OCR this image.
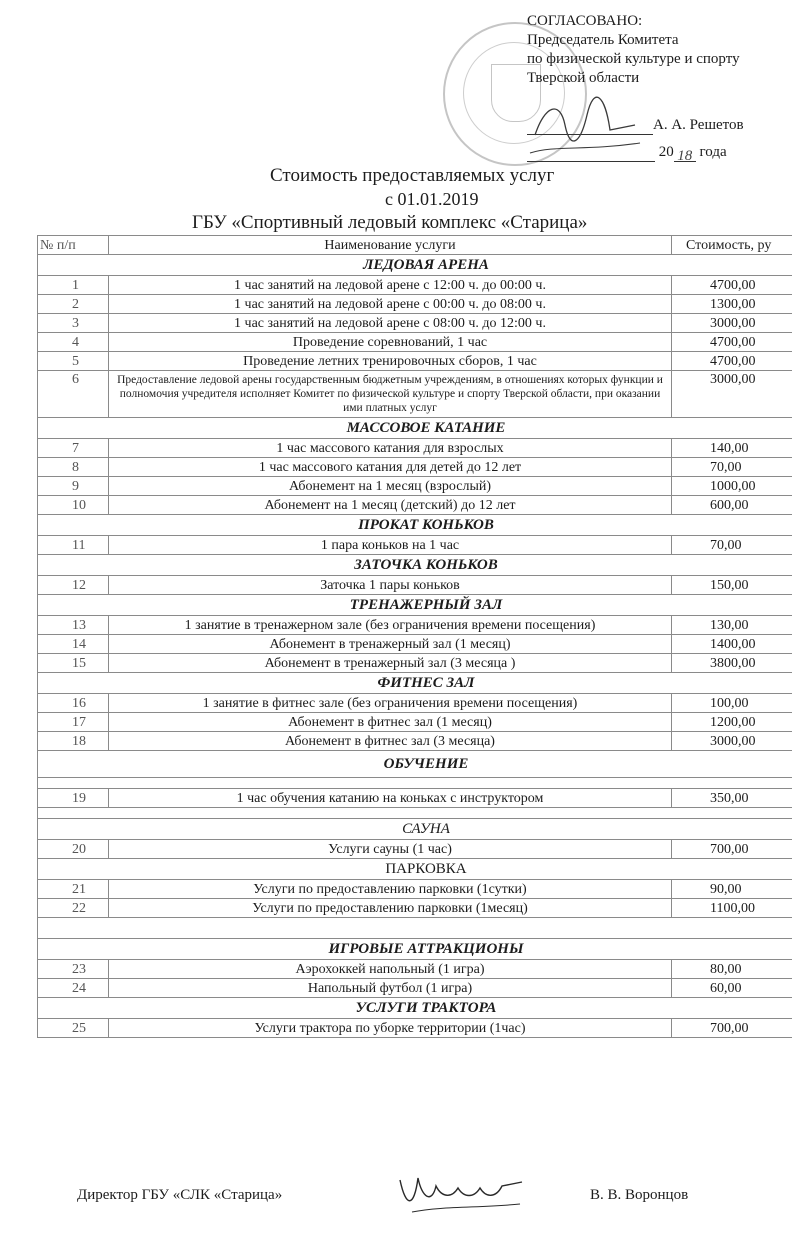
СОГЛАСОВАНО:
Председатель Комитета
по физической культуре и спорту
Тверской области
А. А. Решетов
20 18 года
Стоимость предоставляемых услуг
с 01.01.2019
ГБУ «Спортивный ледовый комплекс «Старица»
№ п/п	Наименование услуги	Стоимость, ру
ЛЕДОВАЯ АРЕНА		
1	1 час занятий на ледовой арене с 12:00 ч. до 00:00 ч.	4700,00
2	1 час занятий на ледовой арене с 00:00 ч. до 08:00 ч.	1300,00
3	1 час занятий на ледовой арене с 08:00 ч. до 12:00 ч.	3000,00
4	Проведение соревнований, 1 час	4700,00
5	Проведение летних тренировочных сборов, 1 час	4700,00
6	Предоставление ледовой арены государственным бюджетным учреждениям, в отношениях которых функции и полномочия учредителя исполняет Комитет по физической культуре и спорту Тверской области, при оказании ими платных услуг	3000,00
МАССОВОЕ КАТАНИЕ		
7	1 час массового катания для взрослых	140,00
8	1 час массового катания для детей до 12 лет	70,00
9	Абонемент на 1 месяц (взрослый)	1000,00
10	Абонемент на 1 месяц (детский) до 12 лет	600,00
ПРОКАТ КОНЬКОВ		
11	1 пара коньков на 1 час	70,00
ЗАТОЧКА КОНЬКОВ		
12	Заточка 1 пары коньков	150,00
ТРЕНАЖЕРНЫЙ ЗАЛ		
13	1 занятие в тренажерном зале (без ограничения времени посещения)	130,00
14	Абонемент в тренажерный зал (1 месяц)	1400,00
15	Абонемент в тренажерный зал (3 месяца )	3800,00
ФИТНЕС ЗАЛ		
16	1 занятие в фитнес зале (без ограничения времени посещения)	100,00
17	Абонемент в фитнес зал (1 месяц)	1200,00
18	Абонемент в фитнес зал (3 месяца)	3000,00
ОБУЧЕНИЕ		

19	1 час обучения катанию на коньках с инструктором	350,00

САУНА		
20	Услуги сауны (1 час)	700,00
ПАРКОВКА		
21	Услуги по предоставлению парковки (1сутки)	90,00
22	Услуги по предоставлению парковки (1месяц)	1100,00

ИГРОВЫЕ АТТРАКЦИОНЫ		
23	Аэрохоккей напольный (1 игра)	80,00
24	Напольный футбол (1 игра)	60,00
УСЛУГИ ТРАКТОРА		
25	Услуги трактора по уборке территории (1час)	700,00
Директор ГБУ «СЛК «Старица»	В. В. Воронцов
